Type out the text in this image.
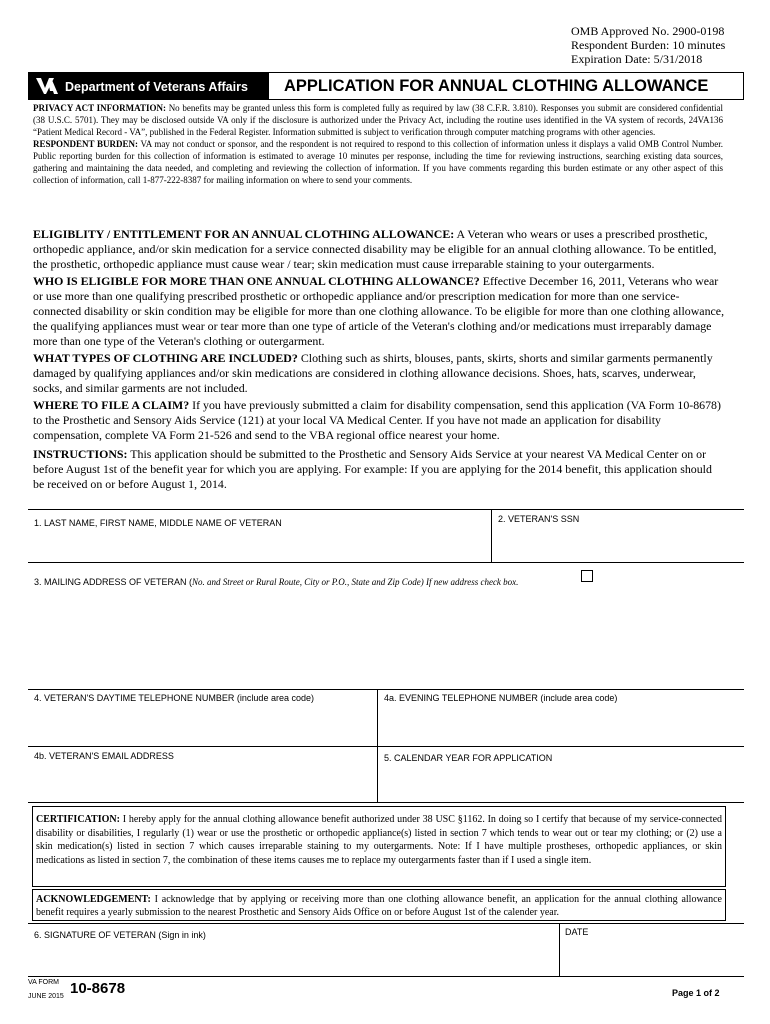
OMB Approved No. 2900-0198
Respondent Burden: 10 minutes
Expiration Date: 5/31/2018
Department of Veterans Affairs APPLICATION FOR ANNUAL CLOTHING ALLOWANCE
PRIVACY ACT INFORMATION: No benefits may be granted unless this form is completed fully as required by law (38 C.F.R. 3.810). Responses you submit are considered confidential (38 U.S.C. 5701). They may be disclosed outside VA only if the disclosure is authorized under the Privacy Act, including the routine uses identified in the VA system of records, 24VA136 “Patient Medical Record - VA”, published in the Federal Register. Information submitted is subject to verification through computer matching programs with other agencies.
RESPONDENT BURDEN: VA may not conduct or sponsor, and the respondent is not required to respond to this collection of information unless it displays a valid OMB Control Number. Public reporting burden for this collection of information is estimated to average 10 minutes per response, including the time for reviewing instructions, searching existing data sources, gathering and maintaining the data needed, and completing and reviewing the collection of information. If you have comments regarding this burden estimate or any other aspect of this collection of information, call 1-877-222-8387 for mailing information on where to send your comments.

ELIGIBLITY / ENTITLEMENT FOR AN ANNUAL CLOTHING ALLOWANCE: A Veteran who wears or uses a prescribed prosthetic, orthopedic appliance, and/or skin medication for a service connected disability may be eligible for an annual clothing allowance. To be entitled, the prosthetic, orthopedic appliance must cause wear / tear; skin medication must cause irreparable staining to your outergarments.

WHO IS ELIGIBLE FOR MORE THAN ONE ANNUAL CLOTHING ALLOWANCE? Effective December 16, 2011, Veterans who wear or use more than one qualifying prescribed prosthetic or orthopedic appliance and/or prescription medication for more than one service-connected disability or skin condition may be eligible for more than one clothing allowance. To be eligible for more than one clothing allowance, the qualifying appliances must wear or tear more than one type of article of the Veteran's clothing and/or medications must irreparably damage more than one type of the Veteran's clothing or outergarment.

WHAT TYPES OF CLOTHING ARE INCLUDED? Clothing such as shirts, blouses, pants, skirts, shorts and similar garments permanently damaged by qualifying appliances and/or skin medications are considered in clothing allowance decisions. Shoes, hats, scarves, underwear, socks, and similar garments are not included.

WHERE TO FILE A CLAIM? If you have previously submitted a claim for disability compensation, send this application (VA Form 10-8678) to the Prosthetic and Sensory Aids Service (121) at your local VA Medical Center. If you have not made an application for disability compensation, complete VA Form 21-526 and send to the VBA regional office nearest your home.

INSTRUCTIONS: This application should be submitted to the Prosthetic and Sensory Aids Service at your nearest VA Medical Center on or before August 1st of the benefit year for which you are applying. For example: If you are applying for the 2014 benefit, this application should be received on or before August 1, 2014.

1. LAST NAME, FIRST NAME, MIDDLE NAME OF VETERAN	2. VETERAN'S SSN
3. MAILING ADDRESS OF VETERAN (No. and Street or Rural Route, City or P.O., State and Zip Code) If new address check box.
4. VETERAN'S DAYTIME TELEPHONE NUMBER (include area code)	4a. EVENING TELEPHONE NUMBER (include area code)
4b. VETERAN'S EMAIL ADDRESS	5. CALENDAR YEAR FOR APPLICATION
CERTIFICATION: I hereby apply for the annual clothing allowance benefit authorized under 38 USC §1162. In doing so I certify that because of my service-connected disability or disabilities, I regularly (1) wear or use the prosthetic or orthopedic appliance(s) listed in section 7 which tends to wear out or tear my clothing; or (2) use a skin medication(s) listed in section 7 which causes irreparable staining to my outergarments. Note: If I have multiple prostheses, orthopedic appliances, or skin medications as listed in section 7, the combination of these items causes me to replace my outergarments faster than if I used a single item.
ACKNOWLEDGEMENT: I acknowledge that by applying or receiving more than one clothing allowance benefit, an application for the annual clothing allowance benefit requires a yearly submission to the nearest Prosthetic and Sensory Aids Office on or before August 1st of the calender year.
6. SIGNATURE OF VETERAN (Sign in ink)	DATE
VA FORM 10-8678
JUNE 2015	Page 1 of 2
